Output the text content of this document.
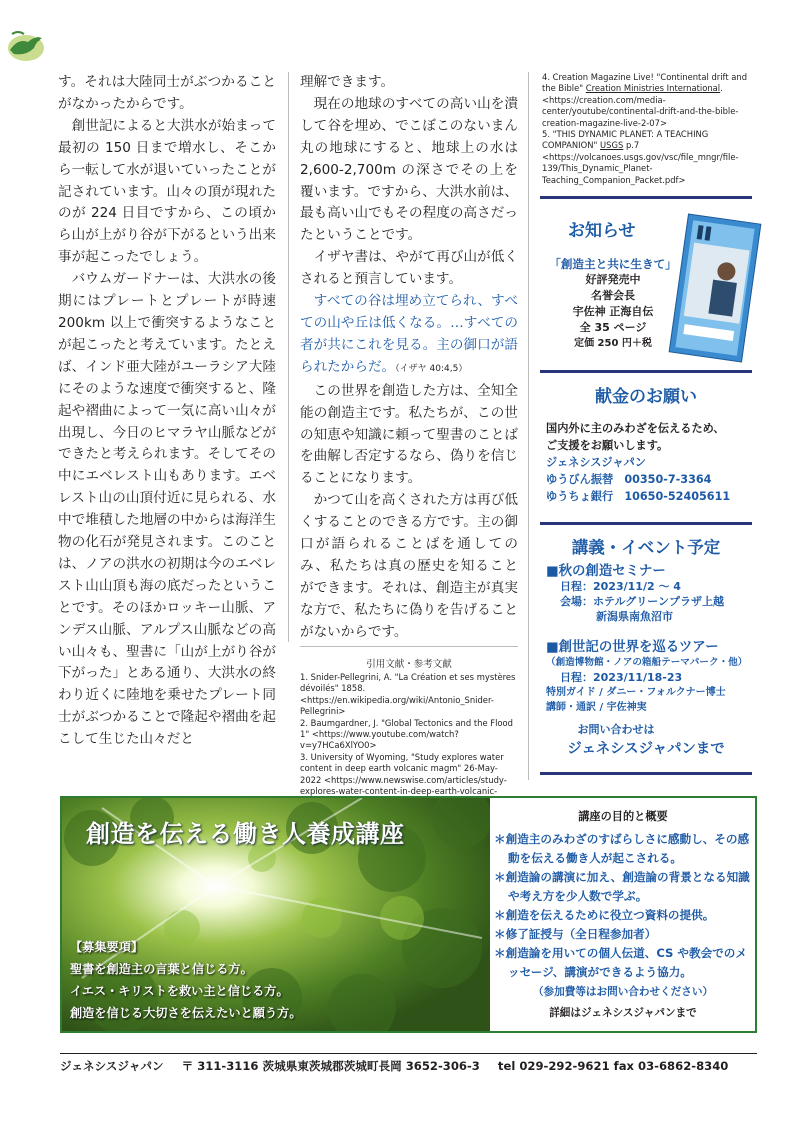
す。それは大陸同士がぶつかることがなかったからです。

創世記によると大洪水が始まって最初の 150 日まで増水し、そこから一転して水が退いていったことが記されています。山々の頂が現れたのが 224 日目ですから、この頃から山が上がり谷が下がるという出来事が起こったでしょう。

バウムガードナーは、大洪水の後期にはプレートとプレートが時速 200km 以上で衝突するようなことが起こったと考えています。たとえば、インド亜大陸がユーラシア大陸にそのような速度で衝突すると、隆起や褶曲によって一気に高い山々が出現し、今日のヒマラヤ山脈などができたと考えられます。そしてその中にエベレスト山もあります。エベレスト山の山頂付近に見られる、水中で堆積した地層の中からは海洋生物の化石が発見されます。このことは、ノアの洪水の初期は今のエベレスト山山頂も海の底だったということです。そのほかロッキー山脈、アンデス山脈、アルプス山脈などの高い山々も、聖書に「山が上がり谷が下がった」とある通り、大洪水の終わり近くに陸地を乗せたプレート同士がぶつかることで隆起や褶曲を起こして生じた山々だと

理解できます。

現在の地球のすべての高い山を潰して谷を埋め、でこぼこのないまん丸の地球にすると、地球上の水は 2,600-2,700m の深さでその上を覆います。ですから、大洪水前は、最も高い山でもその程度の高さだったということです。

イザヤ書は、やがて再び山が低くされると預言しています。

すべての谷は埋め立てられ、すべての山や丘は低くなる。…すべての者が共にこれを見る。主の御口が語られたからだ。（イザヤ 40:4,5）

この世界を創造した方は、全知全能の創造主です。私たちが、この世の知恵や知識に頼って聖書のことばを曲解し否定するなら、偽りを信じることになります。

かつて山を高くされた方は再び低くすることのできる方です。主の御口が語られることばを通してのみ、私たちは真の歴史を知ることができます。それは、創造主が真実な方で、私たちに偽りを告げることがないからです。

引用文献・参考文献
1. Snider-Pellegrini, A. "La Création et ses mystères dévoilés" 1858. <https://en.wikipedia.org/wiki/Antonio_Snider-Pellegrini>
2. Baumgardner, J. "Global Tectonics and the Flood 1" <https://www.youtube.com/watch?v=y7HCa6XlYO0>
3. University of Wyoming, "Study explores water content in deep earth volcanic magm" 26-May-2022 <https://www.newswise.com/articles/study-explores-water-content-in-deep-earth-volcanic-
4. Creation Magazine Live! "Continental drift and the Bible" Creation Ministries International. <https://creation.com/media-center/youtube/continental-drift-and-the-bible-creation-magazine-live-2-07>
5. "THIS DYNAMIC PLANET: A TEACHING COMPANION" USGS p.7 <https://volcanoes.usgs.gov/vsc/file_mngr/file-139/This_Dynamic_Planet-Teaching_Companion_Packet.pdf>
お知らせ
「創造主と共に生きて」
好評発売中
名誉会長
宇佐神 正海自伝
全 35 ページ
定価 250 円＋税
献金のお願い
国内外に主のみわざを伝えるため、
ご支援をお願いします。
ジェネシスジャパン
ゆうびん振替　00350-7-3364
ゆうちょ銀行　10650-52405611
講義・イベント予定
■秋の創造セミナー
日程：2023/11/2 ～ 4
会場：ホテルグリーンプラザ上越
新潟県南魚沼市
■創世記の世界を巡るツアー
（創造博物館・ノアの箱船テーマパーク・他）
日程：2023/11/18-23
特別ガイド / ダニー・フォルクナー博士
講師・通訳 / 宇佐神実
お問い合わせは
ジェネシスジャパンまで
創造を伝える働き人養成講座
【募集要項】
聖書を創造主の言葉と信じる方。
イエス・キリストを救い主と信じる方。
創造を信じる大切さを伝えたいと願う方。
講座の目的と概要
＊創造主のみわざのすばらしさに感動し、その感動を伝える働き人が起こされる。
＊創造論の講演に加え、創造論の背景となる知識や考え方を少人数で学ぶ。
＊創造を伝えるために役立つ資料の提供。
＊修了証授与（全日程参加者）
＊創造論を用いての個人伝道、CS や教会でのメッセージ、講演ができるよう協力。
（参加費等はお問い合わせください）
詳細はジェネシスジャパンまで
ジェネシスジャパン 〒 311-3116 茨城県東茨城郡茨城町長岡 3652-306-3 tel 029-292-9621 fax 03-6862-8340
